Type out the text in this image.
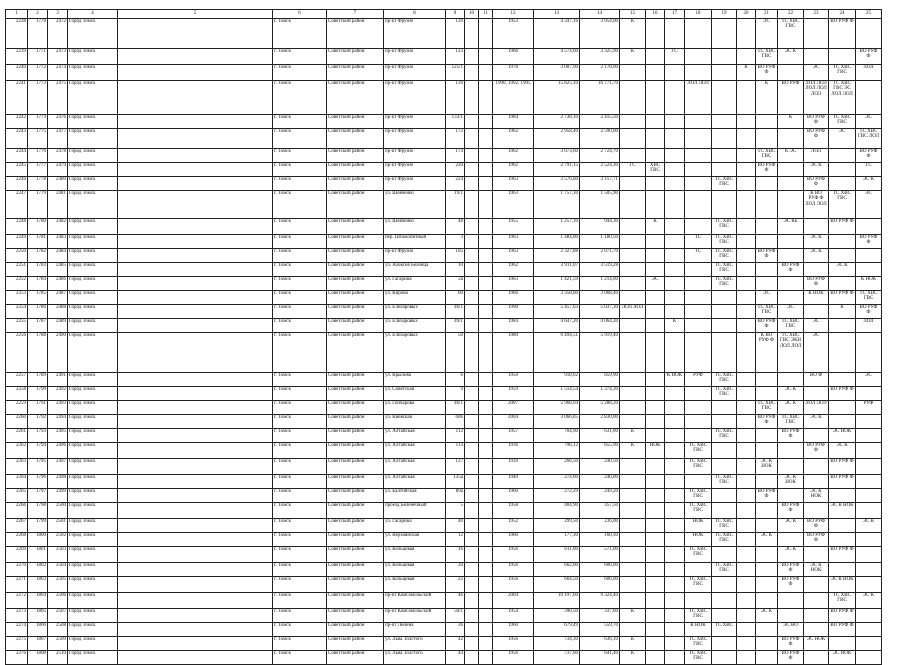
1	2	3	4	5	6	7	8	9	10	11	12	13	14	15	16	17	18	19	20	21	22	23	24	25
2238	1770	2472	Город Томск		г. Томск	Советский район	пр-кт Фрунзе	120			1953	4 347,16	3 954,00	К						ЭС	ТС ХВС ГВС		ВО РУФ Ф	
2239	1771	2473	Город Томск		г. Томск	Советский район	пр-кт Фрунзе	123			1966	4 574,60	3 325,90	К		ГС				ТС ХВС ГВС	ЭС К			ВО РУФ Ф
2240	1772	2474	Город Томск		г. Томск	Советский район	пр-кт Фрунзе	125/1			1978	3 007,90	2 178,00						К	ВО РУФ Ф		ЭС	ТС ХВС ГВС	ЛОЛ
2241	1773	2475	Город Томск		г. Томск	Советский район	пр-кт Фрунзе	130			1990, 1992, 1995	15 825,10	16 771,70				ЛОЛ ЛОЛ			К	ВО РУФ	ЛОЛ ЛОЛ ЛОЛ ЛОЛ ЛОЛ	ТС ХВС ГВС ЭС ЛОЛ ЛОЛ	
2242	1774	2476	Город Томск		г. Томск	Советский район	пр-кт Фрунзе	133/1			1984	2 738,10	2 415,50								К	ВО РУФ Ф	ТС ХВС ГВС	ЭС
2243	1775	2477	Город Томск		г. Томск	Советский район	пр-кт Фрунзе	172			1962	2 958,40	2 590,00									ВО РУФ Ф	ЭС	ТС ХВС ГВС ЛОЛ
2244	1776	2478	Город Томск		г. Томск	Советский район	пр-кт Фрунзе	174			1962	3 073,60	2 724,70							ТС ХВС ГВС	К ЭС	ЛОЛ		ВО РУФ Ф
2245	1777	2479	Город Томск		г. Томск	Советский район	пр-кт Фрунзе	220			1962	2 791,15	2 524,30	ГС	ХВС ГВС					ВО РУФ Ф		ЭС К		ТС
2246	1778	2480	Город Томск		г. Томск	Советский район	пр-кт Фрунзе	224			1963	3 576,60	3 157,71					ТС ХВС ГВС				ВО РУФ Ф		ЭС К
2247	1779	2481	Город Томск		г. Томск	Советский район	ул. Шевченко	19/1			1963	1 757,10	1 505,90									К ВО РУФ Ф ЛОЛ ЛОЛ	ТС ХВС ГВС	ЭС
2248	1780	2482	Город Томск		г. Томск	Советский район	ул. Шевченко	48			1955	1 257,10	944,30		К			ТС ХВС ГВС			ЭС КБ		ВО РУФ Ф	
2249	1781	2483	Город Томск		г. Томск	Советский район	пер. Шпалопитный	3			1963	1 484,00	1 180,50				ТС	ТС ХВС ГВС				ЭС К		ВО РУФ Ф
2250	1782	2484	Город Томск		г. Томск	Советский район	пр-кт Фрунзе	105			1963	2 327,88	2 071,70				ТС	ТС ХВС ГВС		ВО РУФ Ф		ЭС К		
2251	1783	2485	Город Томск		г. Томск	Советский район	ул. Алексея Беленца	10			1962	3 911,07	3 519,28					ТС ХВС ГВС			ВО РУФ Ф		ЭС К	
2252	1784	2486	Город Томск		г. Томск	Советский район	ул. Гагарина	2а			1963	1 421,59	1 214,00		ЭС			ТС ХВС ГВС				ВО РУФ Ф		К НОК
2253	1785	2487	Город Томск		г. Томск	Советский район	ул. Кирова	60			1966	3 358,60	3 068,40							ЭС		К НОК	ВО РУФ Ф	ТС ХВС ГВС
2254	1786	2488	Город Томск		г. Томск	Советский район	ул. Елизаровых	46/1			1990	5 457,63	5 037,30	ЛОЛ ЛОЛ						ТС ХВС ГВС	ЭС		К	ВО РУФ Ф
2255	1787	2489	Город Томск		г. Томск	Советский район	ул. Елизаровых	49/1			1984	4 647,20	4 064,20			К				ВО РУФ Ф	ТС ХВС ГВС	ЭС		ЛОЛ
2256	1788	2490	Город Томск		г. Томск	Советский район	ул. Елизаровых	50			1980	6 494,51	5 919,40							К ВО РУФ Ф	ТС ХВС ГВС ЭКН ЛОЛ ЛОЛ	ЭС		
2257	1789	2491	Город Томск		г. Томск	Советский район	ул. Крылова	6			1950	918,62	859,90			К НОК	РУФ	ТС ХВС ГВС				ВО Ф		ЭС
2258	1790	2492	Город Томск		г. Томск	Советский район	ул. Советская	9			1959	1 514,54	1 374,30					ТС ХВС ГВС			ЭС К		ВО РУФ Ф	
2259	1791	2493	Город Томск		г. Томск	Советский район	ул. Гончарова	46/1			2007	5 968,94	5 288,20							ТС ХВС ГВС	ЭС К	ЛОЛ ЛОЛ		РУФ
2260	1792	2494	Город Томск		г. Томск	Советский район	ул. Киевская	60б			2004	3 066,85	2 830,00							ВО РУФ Ф	ТС ХВС ГВС	ЭС К		
2261	1793	2495	Город Томск		г. Томск	Советский район	ул. Алтайская	112			1957	704,90	631,00	К				ТС ХВС ГВС			ВО РУФ Ф		ЭС НОК	
2262	1794	2496	Город Томск		г. Томск	Советский район	ул. Алтайская	114			1936	796,12	655,90	К	НОК		ТС ХВС ГВС					ВО РУФ Ф	ЭС К	
2263	1795	2497	Город Томск		г. Томск	Советский район	ул. Алтайская	127			1939	266,50	240,50				ТС ХВС ГВС			ЭС К НОК			ВО РУФ Ф	
2264	1796	2498	Город Томск		г. Томск	Советский район	ул. Алтайская	135а			1940	274,60	246,00					ТС ХВС ГВС			ЭС К НОК		ВО РУФ Ф	
2265	1797	2499	Город Томск		г. Томск	Советский район	ул. Балтийская	89а			1960	272,29	249,20				ТС ХВС ГВС			ВО РУФ Ф		ЭС К НОК		
2266	1798	2500	Город Томск		г. Томск	Советский район	проезд Беленечный	5			1958	404,90	357,50				ТС ХВС ГВС				ВО РУФ Ф		ЭС К НОК	
2267	1799	2501	Город Томск		г. Томск	Советский район	ул. Гагарина	40			1952	299,50	236,00				НОК	ТС ХВС ГВС			ЭС К	ВО РУФ Ф		ЭС К
2268	1800	2502	Город Томск		г. Томск	Советский район	ул. Верхоянская	12			1960	177,30	160,30				НОК	ТС ХВС ГВС		ЭС К		ВО РУФ Ф		
2269	1801	2503	Город Томск		г. Томск	Советский район	ул. Кольцевая	16			1956	611,00	571,00				ТС ХВС ГВС				ЭС К		ВО РУФ Ф	
2270	1802	2504	Город Томск		г. Томск	Советский район	ул. Кольцевая	20			1956	662,00	606,00					ТС ХВС ГВС			ВО РУФ Ф	ЭС К НОК		
2271	1803	2505	Город Томск		г. Томск	Советский район	ул. Кольцевая	22			1956	664,50	606,00				ТС ХВС ГВС				ВО РУФ Ф		ЭС К НОК	
2272	1804	2506	Город Томск		г. Томск	Советский район	пр-кт Комсомольский	46			2004	10 197,60	9 324,40										ТС ХВС ГВС	ЭС К
2273	1805	2507	Город Томск		г. Томск	Советский район	пр-кт Комсомольский	50/1			1954	390,50	337,60	К			ТС ХВС ГВС			ЭС К			ВО РУФ Ф	
2274	1806	2508	Город Томск		г. Томск	Советский район	пр-кт Ленина	36			1960	679,49	559,70				К НОК	ТС ХВС			ЭС ВО		ВО РУФ Ф	
2275	1807	2509	Город Томск		г. Томск	Советский район	ул. Льва Толстого	42			1956	734,30	636,10	К			ТС ХВС ГВС				ВО РУФ Ф	ЭС НОК		
2276	1808	2510	Город Томск		г. Томск	Советский район	ул. Льва Толстого	44			1956	737,60	641,40	К			ТС ХВС ГВС				ВО РУФ Ф		ЭС НОК	
